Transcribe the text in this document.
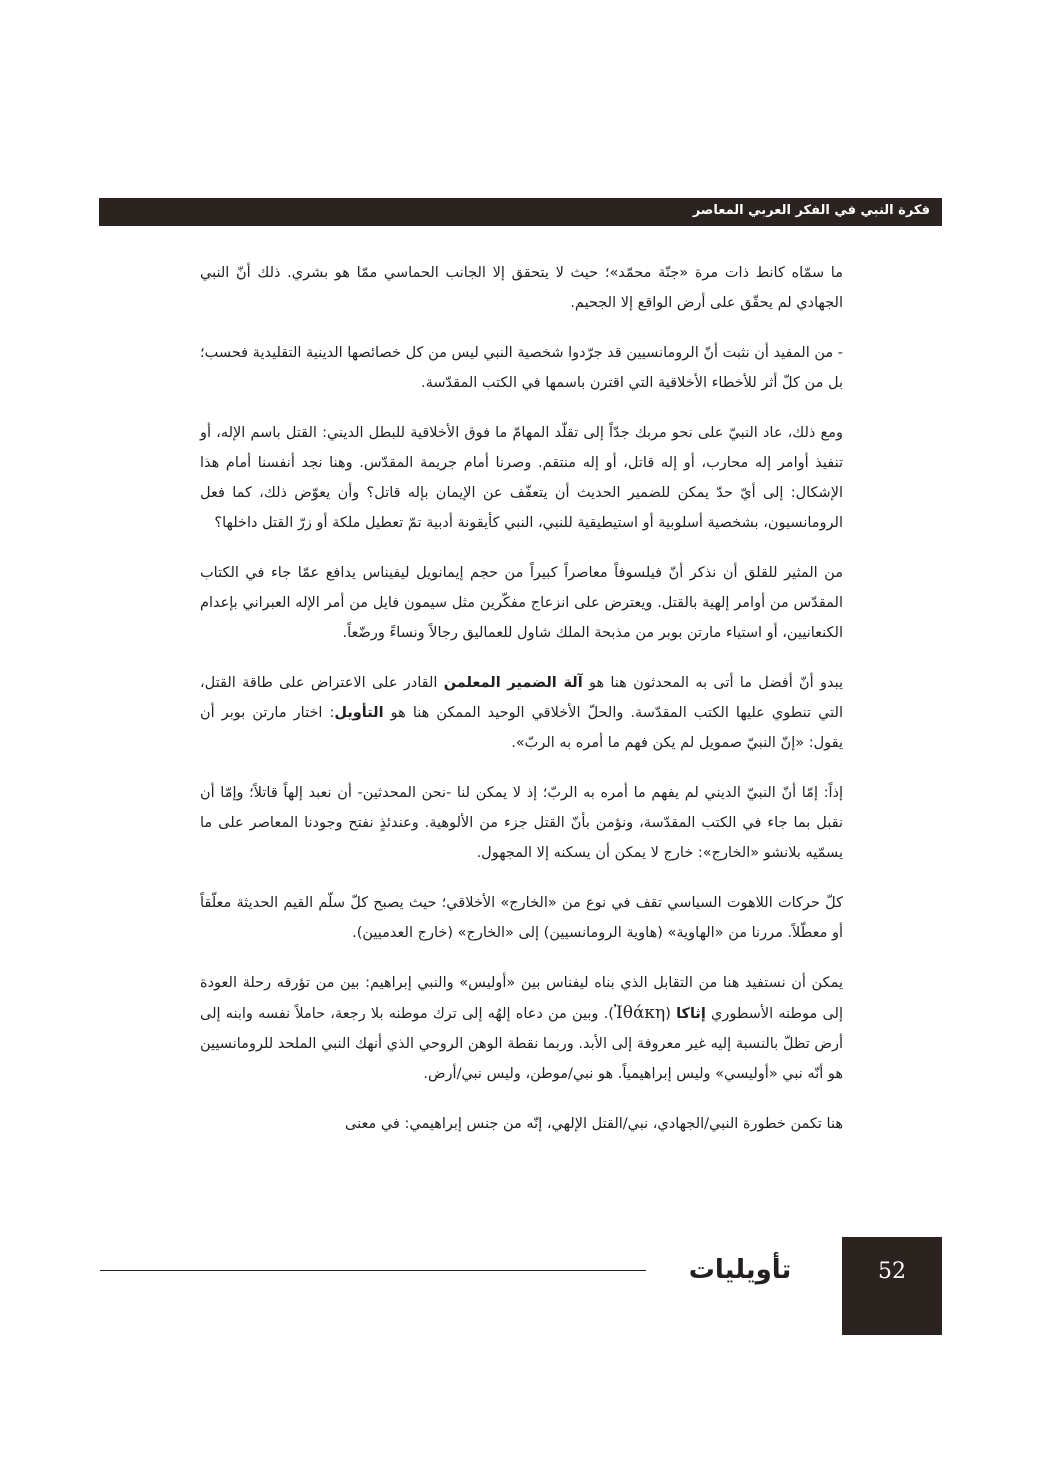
فكرة النبي في الفكر العربي المعاصر

ما سمّاه كانط ذات مرة «جنّة محمّد»؛ حيث لا يتحقق إلا الجانب الحماسي ممّا هو بشري. ذلك أنّ النبي الجهادي لم يحقّق على أرض الواقع إلا الجحيم.

- من المفيد أن نثبت أنّ الرومانسيين قد جرّدوا شخصية النبي ليس من كل خصائصها الدينية التقليدية فحسب؛ بل من كلّ أثر للأخطاء الأخلاقية التي اقترن باسمها في الكتب المقدّسة.

ومع ذلك، عاد النبيّ على نحو مربك جدّاً إلى تقلّد المهامّ ما فوق الأخلاقية للبطل الديني: القتل باسم الإله، أو تنفيذ أوامر إله محارب، أو إله قاتل، أو إله منتقم. وصرنا أمام جريمة المقدّس. وهنا نجد أنفسنا أمام هذا الإشكال: إلى أيّ حدّ يمكن للضمير الحديث أن يتعفّف عن الإيمان بإله قاتل؟ وأن يعوّض ذلك، كما فعل الرومانسيون، بشخصية أسلوبية أو استيطيقية للنبي، النبي كأيقونة أدبية تمّ تعطيل ملكة أو زرّ القتل داخلها؟

من المثير للقلق أن نذكر أنّ فيلسوفاً معاصراً كبيراً من حجم إيمانويل ليفيناس يدافع عمّا جاء في الكتاب المقدّس من أوامر إلهية بالقتل. ويعترض على انزعاج مفكّرين مثل سيمون فايل من أمر الإله العبراني بإعدام الكنعانيين، أو استياء مارتن بوبر من مذبحة الملك شاول للعماليق رجالاً ونساءً ورضّعاً.

يبدو أنّ أفضل ما أتى به المحدثون هنا هو آلة الضمير المعلمن القادر على الاعتراض على طاقة القتل، التي تنطوي عليها الكتب المقدّسة. والحلّ الأخلاقي الوحيد الممكن هنا هو التأويل: اختار مارتن بوبر أن يقول: «إنّ النبيّ صمويل لم يكن فهم ما أمره به الربّ».

إذاً: إمّا أنّ النبيّ الديني لم يفهم ما أمره به الربّ؛ إذ لا يمكن لنا -نحن المحدثين- أن نعبد إلهاً قاتلاً؛ وإمّا أن نقبل بما جاء في الكتب المقدّسة، ونؤمن بأنّ القتل جزء من الألوهية. وعندئذٍ نفتح وجودنا المعاصر على ما يسمّيه بلانشو «الخارج»: خارج لا يمكن أن يسكنه إلا المجهول.

كلّ حركات اللاهوت السياسي تقف في نوع من «الخارج» الأخلاقي؛ حيث يصبح كلّ سلّم القيم الحديثة معلّقاً أو معطّلاً. مررنا من «الهاوية» (هاوية الرومانسيين) إلى «الخارج» (خارج العدميين).

يمكن أن نستفيد هنا من التقابل الذي بناه ليفناس بين «أوليس» والنبي إبراهيم: بين من تؤرقه رحلة العودة إلى موطنه الأسطوري إثاكا (Ἰθάκη). وبين من دعاه إلهُه إلى ترك موطنه بلا رجعة، حاملاً نفسه وابنه إلى أرض تظلّ بالنسبة إليه غير معروفة إلى الأبد. وربما نقطة الوهن الروحي الذي أنهك النبي الملحد للرومانسيين هو أنّه نبي «أوليسي» وليس إبراهيمياً. هو نبي/موطن، وليس نبي/أرض.

هنا تكمن خطورة النبي/الجهادي، نبي/القتل الإلهي، إنّه من جنس إبراهيمي: في معنى

تأويليات	52
